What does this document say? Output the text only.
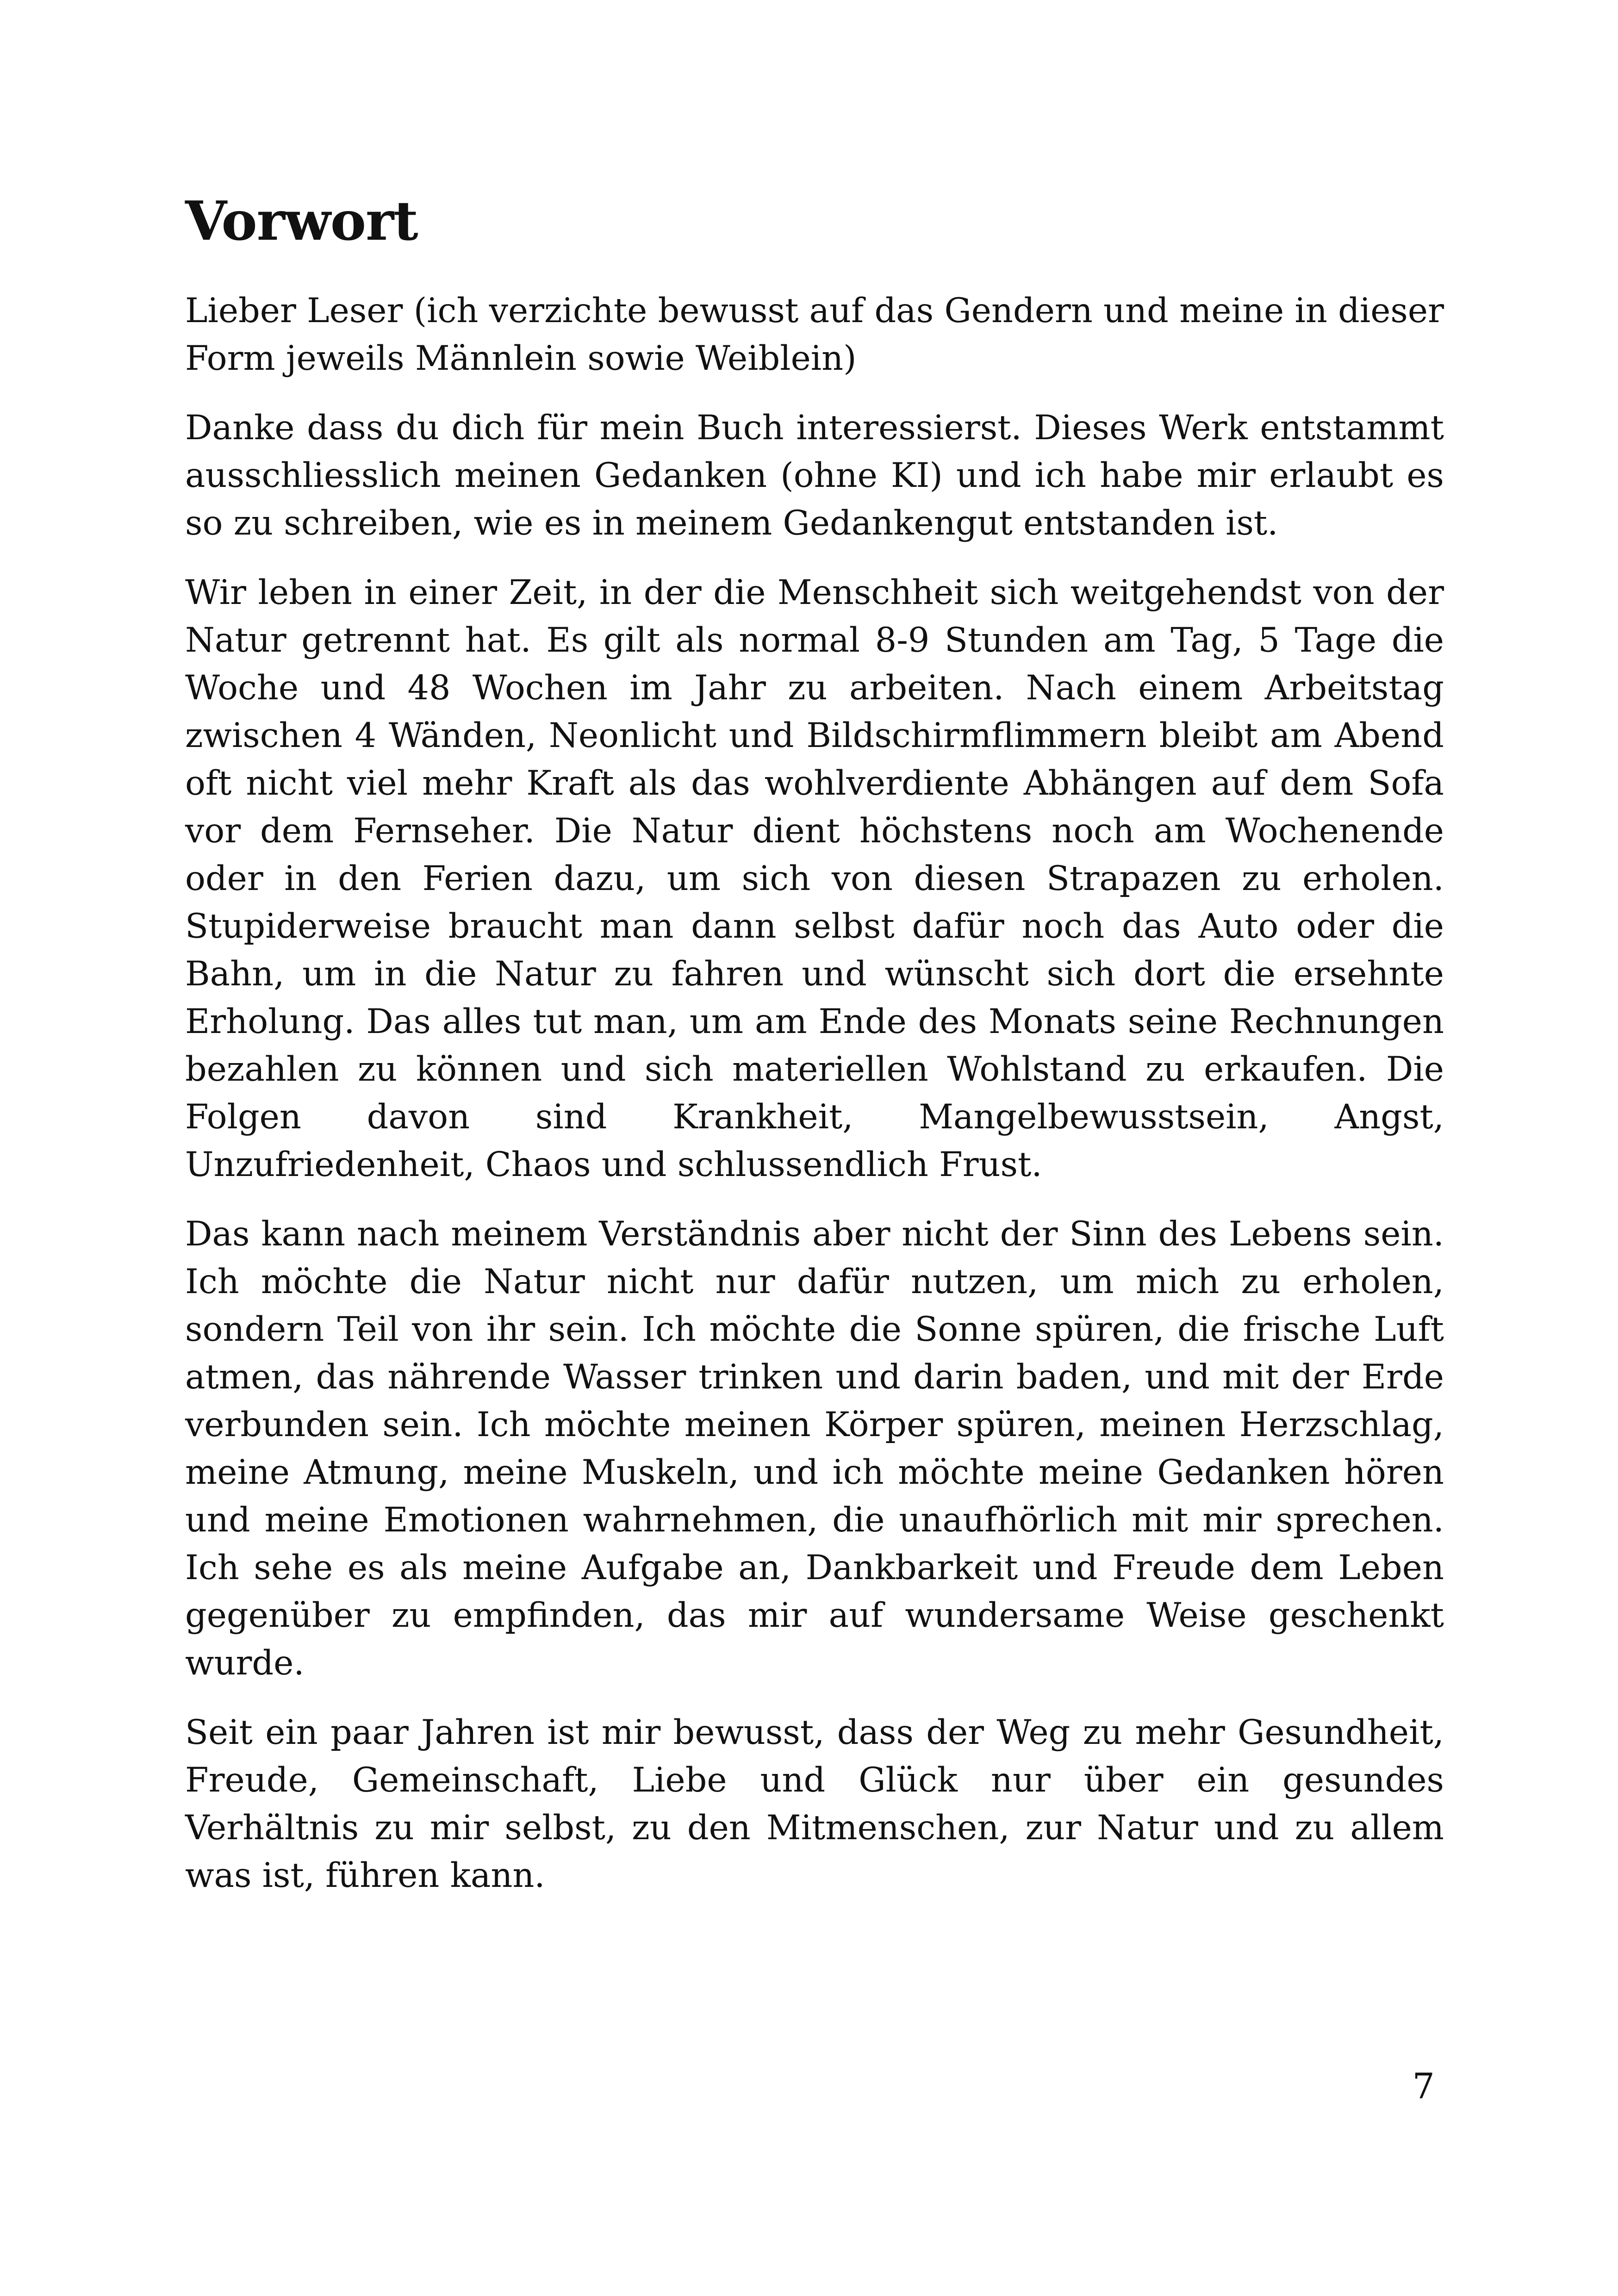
Vorwort

Lieber Leser (ich verzichte bewusst auf das Gendern und meine in dieser Form jeweils Männlein sowie Weiblein)

Danke dass du dich für mein Buch interessierst. Dieses Werk entstammt ausschliesslich meinen Gedanken (ohne KI) und ich habe mir erlaubt es so zu schreiben, wie es in meinem Gedankengut entstanden ist.

Wir leben in einer Zeit, in der die Menschheit sich weitgehendst von der Natur getrennt hat. Es gilt als normal 8-9 Stunden am Tag, 5 Tage die Woche und 48 Wochen im Jahr zu arbeiten. Nach einem Arbeitstag zwischen 4 Wänden, Neonlicht und Bildschirmflimmern bleibt am Abend oft nicht viel mehr Kraft als das wohlverdiente Abhängen auf dem Sofa vor dem Fernseher. Die Natur dient höchstens noch am Wochenende oder in den Ferien dazu, um sich von diesen Strapazen zu erholen. Stupiderweise braucht man dann selbst dafür noch das Auto oder die Bahn, um in die Natur zu fahren und wünscht sich dort die ersehnte Erholung. Das alles tut man, um am Ende des Monats seine Rechnungen bezahlen zu können und sich materiellen Wohlstand zu erkaufen. Die Folgen davon sind Krankheit, Mangelbewusstsein, Angst, Unzufriedenheit, Chaos und schlussendlich Frust.

Das kann nach meinem Verständnis aber nicht der Sinn des Lebens sein. Ich möchte die Natur nicht nur dafür nutzen, um mich zu erholen, sondern Teil von ihr sein. Ich möchte die Sonne spüren, die frische Luft atmen, das nährende Wasser trinken und darin baden, und mit der Erde verbunden sein. Ich möchte meinen Körper spüren, meinen Herzschlag, meine Atmung, meine Muskeln, und ich möchte meine Gedanken hören und meine Emotionen wahrnehmen, die unaufhörlich mit mir sprechen. Ich sehe es als meine Aufgabe an, Dankbarkeit und Freude dem Leben gegenüber zu empfinden, das mir auf wundersame Weise geschenkt wurde.

Seit ein paar Jahren ist mir bewusst, dass der Weg zu mehr Gesundheit, Freude, Gemeinschaft, Liebe und Glück nur über ein gesundes Verhältnis zu mir selbst, zu den Mitmenschen, zur Natur und zu allem was ist, führen kann.

7
